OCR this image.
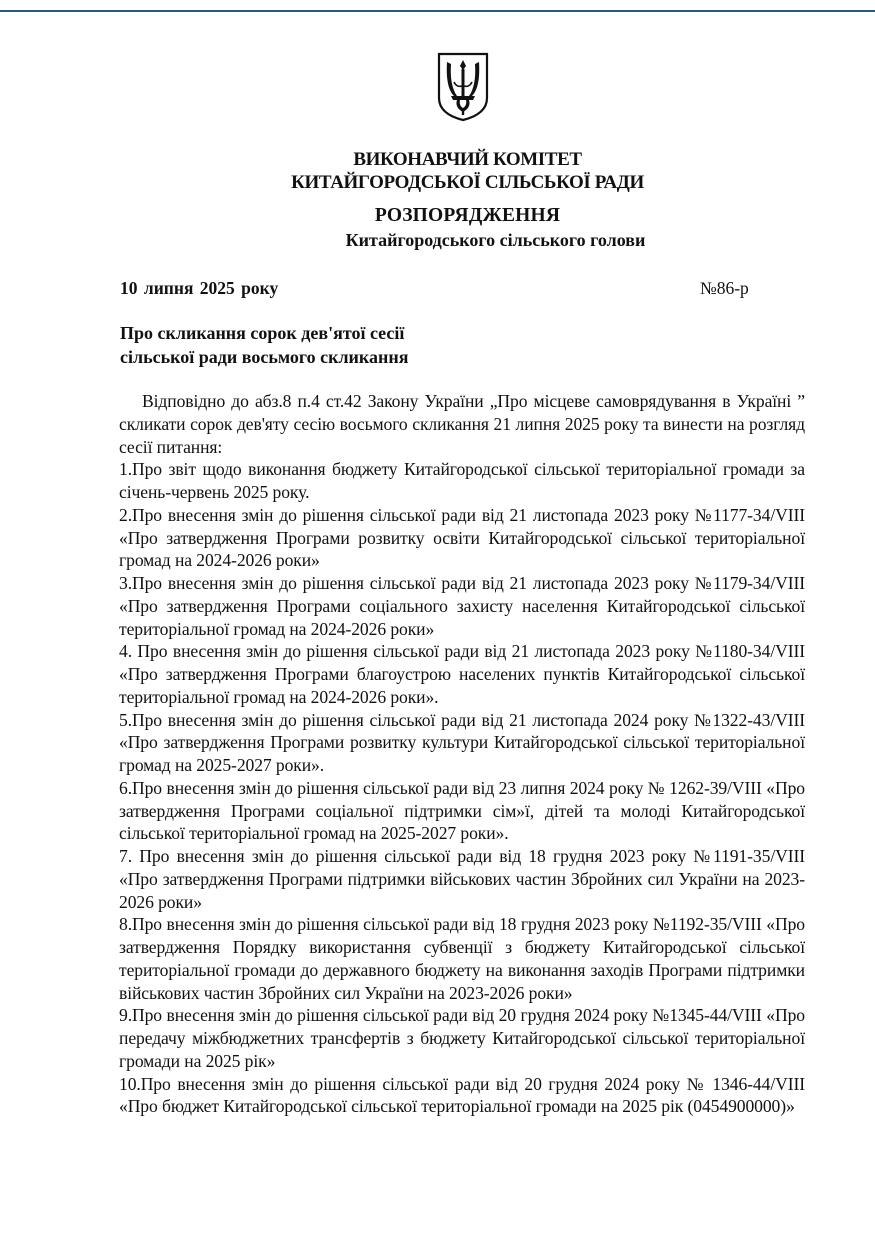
ВИКОНАВЧИЙ КОМІТЕТ
КИТАЙГОРОДСЬКОЇ СІЛЬСЬКОЇ РАДИ
РОЗПОРЯДЖЕННЯ
Китайгородського сільського голови
10 липня 2025 року	№86-р
Про скликання сорок дев'ятої сесії
сільської ради восьмого скликання

Відповідно до абз.8 п.4 ст.42 Закону України „Про місцеве самоврядування в Україні ” скликати сорок дев'яту сесію восьмого скликання 21 липня 2025 року та винести на розгляд сесії питання:

1.Про звіт щодо виконання бюджету Китайгородської сільської територіальної громади за січень-червень 2025 року.

2.Про внесення змін до рішення сільської ради від 21 листопада 2023 року №1177-34/VIII «Про затвердження Програми розвитку освіти Китайгородської сільської територіальної громад на 2024-2026 роки»

3.Про внесення змін до рішення сільської ради від 21 листопада 2023 року №1179-34/VIII «Про затвердження Програми соціального захисту населення Китайгородської сільської територіальної громад на 2024-2026 роки»

4. Про внесення змін до рішення сільської ради від 21 листопада 2023 року №1180-34/VIII «Про затвердження Програми благоустрою населених пунктів Китайгородської сільської територіальної громад на 2024-2026 роки».

5.Про внесення змін до рішення сільської ради від 21 листопада 2024 року №1322-43/VIII «Про затвердження Програми розвитку культури Китайгородської сільської територіальної громад на 2025-2027 роки».

6.Про внесення змін до рішення сільської ради від 23 липня 2024 року № 1262-39/VIII «Про затвердження Програми соціальної підтримки сім»ї, дітей та молоді Китайгородської сільської територіальної громад на 2025-2027 роки».

7. Про внесення змін до рішення сільської ради від 18 грудня 2023 року №1191-35/VIII «Про затвердження Програми підтримки військових частин Збройних сил України на 2023-2026 роки»

8.Про внесення змін до рішення сільської ради від 18 грудня 2023 року №1192-35/VIII «Про затвердження Порядку використання субвенції з бюджету Китайгородської сільської територіальної громади до державного бюджету на виконання заходів Програми підтримки військових частин Збройних сил України на 2023-2026 роки»

9.Про внесення змін до рішення сільської ради від 20 грудня 2024 року №1345-44/VIII «Про передачу міжбюджетних трансфертів з бюджету Китайгородської сільської територіальної громади на 2025 рік»

10.Про внесення змін до рішення сільської ради від 20 грудня 2024 року № 1346-44/VIII «Про бюджет Китайгородської сільської територіальної громади на 2025 рік (0454900000)»
